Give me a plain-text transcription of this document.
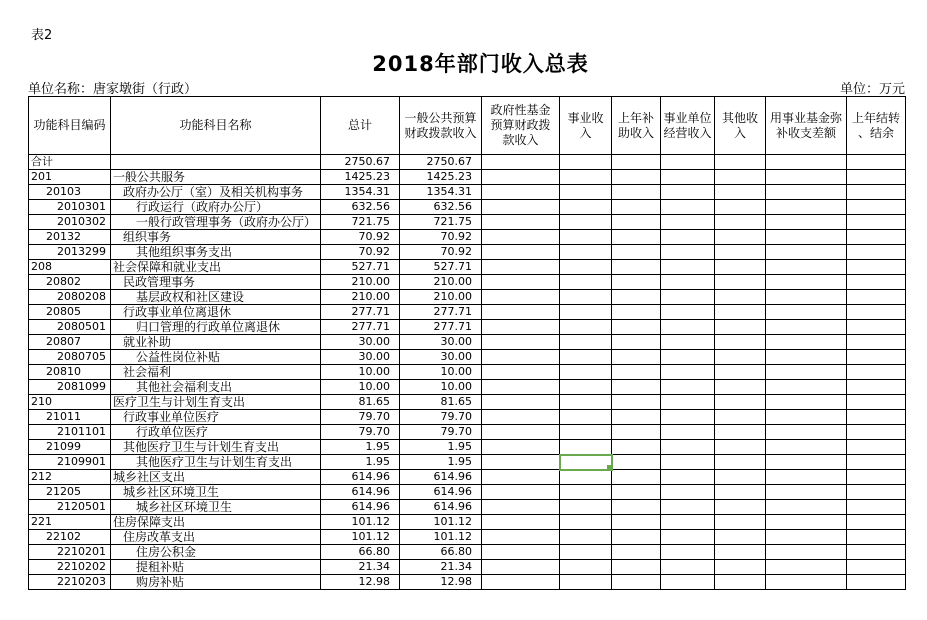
表2
2018年部门收入总表
单位名称：唐家墩街（行政）	单位：万元
功能科目编码	功能科目名称	总计	一般公共预算财政拨款收入	政府性基金预算财政拨款收入	事业收入	上年补助收入	事业单位经营收入	其他收入	用事业基金弥补收支差额	上年结转、结余
合计		2750.67	2750.67							
201	一般公共服务	1425.23	1425.23							
20103	政府办公厅（室）及相关机构事务	1354.31	1354.31							
2010301	行政运行（政府办公厅）	632.56	632.56							
2010302	一般行政管理事务（政府办公厅）	721.75	721.75							
20132	组织事务	70.92	70.92							
2013299	其他组织事务支出	70.92	70.92							
208	社会保障和就业支出	527.71	527.71							
20802	民政管理事务	210.00	210.00							
2080208	基层政权和社区建设	210.00	210.00							
20805	行政事业单位离退休	277.71	277.71							
2080501	归口管理的行政单位离退休	277.71	277.71							
20807	就业补助	30.00	30.00							
2080705	公益性岗位补贴	30.00	30.00							
20810	社会福利	10.00	10.00							
2081099	其他社会福利支出	10.00	10.00							
210	医疗卫生与计划生育支出	81.65	81.65							
21011	行政事业单位医疗	79.70	79.70							
2101101	行政单位医疗	79.70	79.70							
21099	其他医疗卫生与计划生育支出	1.95	1.95							
2109901	其他医疗卫生与计划生育支出	1.95	1.95							
212	城乡社区支出	614.96	614.96							
21205	城乡社区环境卫生	614.96	614.96							
2120501	城乡社区环境卫生	614.96	614.96							
221	住房保障支出	101.12	101.12							
22102	住房改革支出	101.12	101.12							
2210201	住房公积金	66.80	66.80							
2210202	提租补贴	21.34	21.34							
2210203	购房补贴	12.98	12.98							
